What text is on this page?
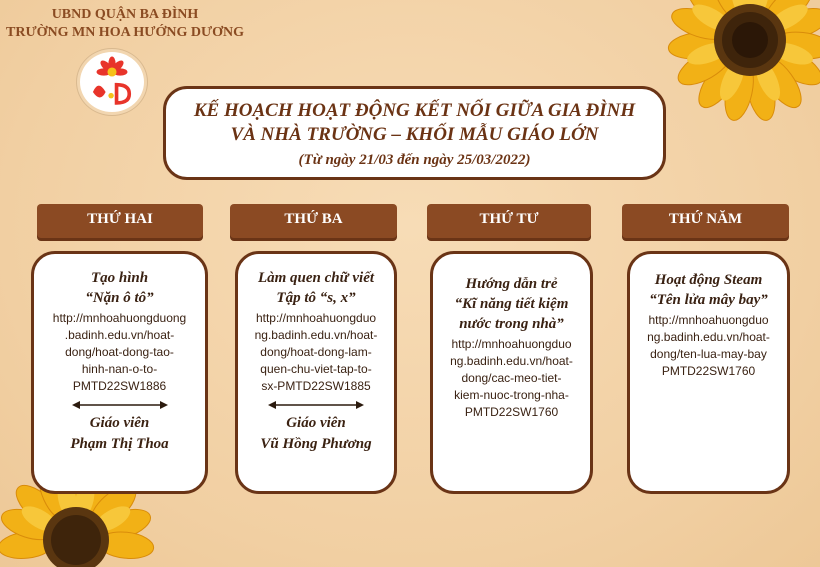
UBND QUẬN BA ĐÌNH
TRƯỜNG MN HOA HƯỚNG DƯƠNG
KẾ HOẠCH HOẠT ĐỘNG KẾT NỐI GIỮA GIA ĐÌNH
VÀ NHÀ TRƯỜNG – KHỐI MẪU GIÁO LỚN
(Từ ngày 21/03 đến ngày 25/03/2022)
THỨ HAI	THỨ BA	THỨ TƯ	THỨ NĂM
Tạo hình
“Nặn ô tô”
http://mnhoahuongduong
.badinh.edu.vn/hoat-
dong/hoat-dong-tao-
hinh-nan-o-to-
PMTD22SW1886
Giáo viên
Phạm Thị Thoa
Làm quen chữ viết
Tập tô “s, x”
http://mnhoahuongduo
ng.badinh.edu.vn/hoat-
dong/hoat-dong-lam-
quen-chu-viet-tap-to-
sx-PMTD22SW1885
Giáo viên
Vũ Hồng Phương
Hướng dẫn trẻ
“Kĩ năng tiết kiệm
nước trong nhà”
http://mnhoahuongduo
ng.badinh.edu.vn/hoat-
dong/cac-meo-tiet-
kiem-nuoc-trong-nha-
PMTD22SW1760
Hoạt động Steam
“Tên lửa mây bay”
http://mnhoahuongduo
ng.badinh.edu.vn/hoat-
dong/ten-lua-may-bay
PMTD22SW1760
